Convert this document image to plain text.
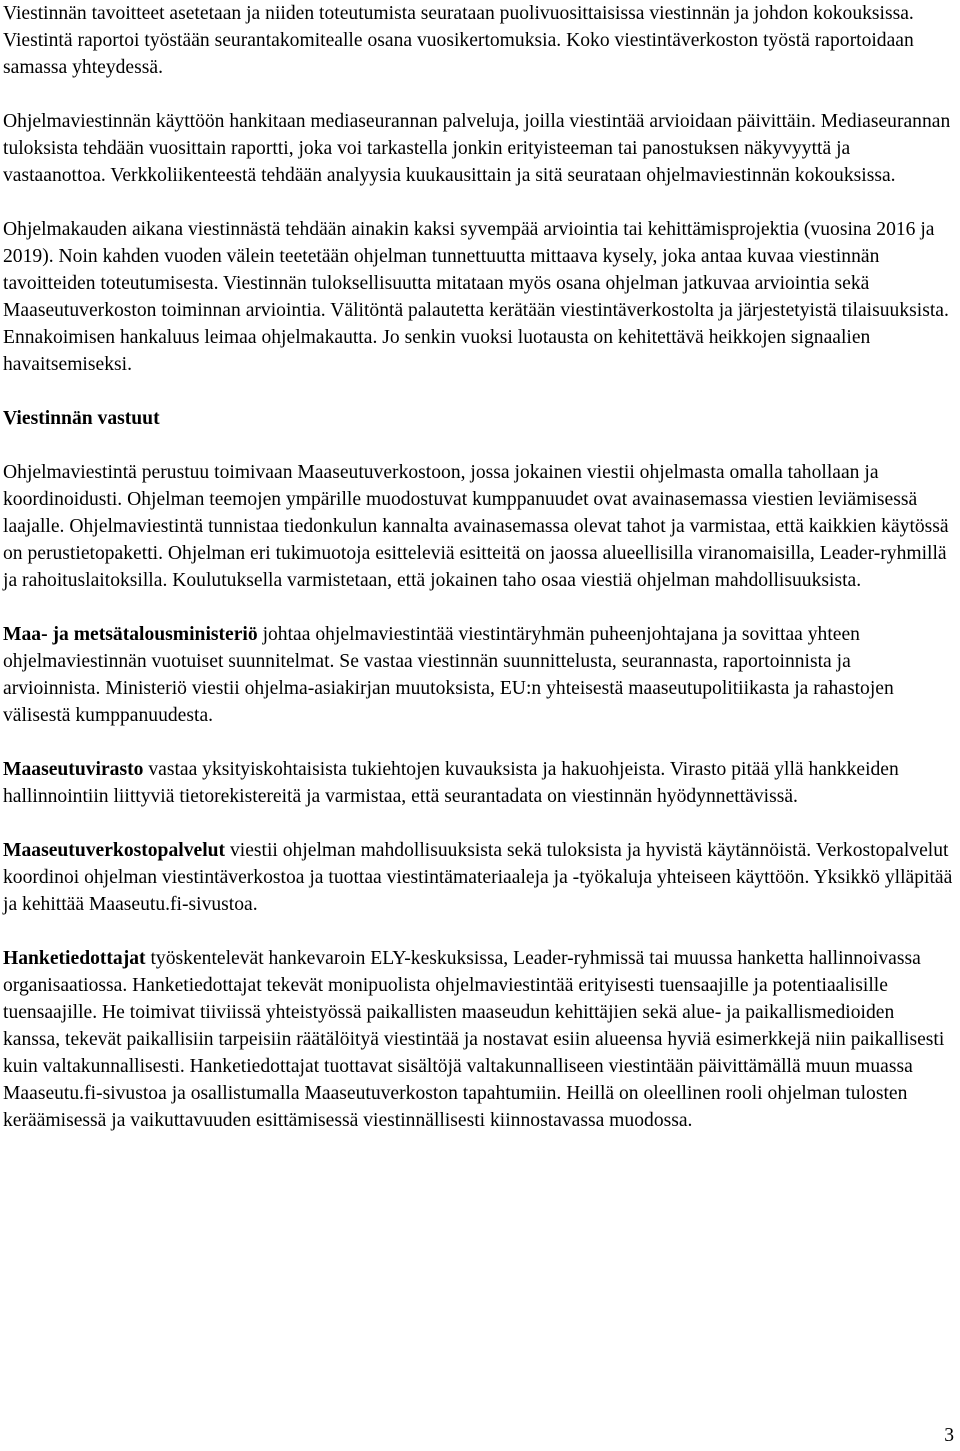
Viestinnän tavoitteet asetetaan ja niiden toteutumista seurataan puolivuosittaisissa viestinnän ja johdon kokouksissa. Viestintä raportoi työstään seurantakomitealle osana vuosikertomuksia. Koko viestintäverkoston työstä raportoidaan samassa yhteydessä.

Ohjelmaviestinnän käyttöön hankitaan mediaseurannan palveluja, joilla viestintää arvioidaan päivittäin. Mediaseurannan tuloksista tehdään vuosittain raportti, joka voi tarkastella jonkin erityisteeman tai panostuksen näkyvyyttä ja vastaanottoa. Verkkoliikenteestä tehdään analyysia kuukausittain ja sitä seurataan ohjelmaviestinnän kokouksissa.

Ohjelmakauden aikana viestinnästä tehdään ainakin kaksi syvempää arviointia tai kehittämisprojektia (vuosina 2016 ja 2019). Noin kahden vuoden välein teetetään ohjelman tunnettuutta mittaava kysely, joka antaa kuvaa viestinnän tavoitteiden toteutumisesta. Viestinnän tuloksellisuutta mitataan myös osana ohjelman jatkuvaa arviointia sekä Maaseutuverkoston toiminnan arviointia. Välitöntä palautetta kerätään viestintäverkostolta ja järjestetyistä tilaisuuksista. Ennakoimisen hankaluus leimaa ohjelmakautta. Jo senkin vuoksi luotausta on kehitettävä heikkojen signaalien havaitsemiseksi.

Viestinnän vastuut

Ohjelmaviestintä perustuu toimivaan Maaseutuverkostoon, jossa jokainen viestii ohjelmasta omalla tahollaan ja koordinoidusti. Ohjelman teemojen ympärille muodostuvat kumppanuudet ovat avainasemassa viestien leviämisessä laajalle. Ohjelmaviestintä tunnistaa tiedonkulun kannalta avainasemassa olevat tahot ja varmistaa, että kaikkien käytössä on perustietopaketti. Ohjelman eri tukimuotoja esitteleviä esitteitä on jaossa alueellisilla viranomaisilla, Leader-ryhmillä ja rahoituslaitoksilla. Koulutuksella varmistetaan, että jokainen taho osaa viestiä ohjelman mahdollisuuksista.

Maa- ja metsätalousministeriö johtaa ohjelmaviestintää viestintäryhmän puheenjohtajana ja sovittaa yhteen ohjelmaviestinnän vuotuiset suunnitelmat. Se vastaa viestinnän suunnittelusta, seurannasta, raportoinnista ja arvioinnista. Ministeriö viestii ohjelma-asiakirjan muutoksista, EU:n yhteisestä maaseutupolitiikasta ja rahastojen välisestä kumppanuudesta.

Maaseutuvirasto vastaa yksityiskohtaisista tukiehtojen kuvauksista ja hakuohjeista. Virasto pitää yllä hankkeiden hallinnointiin liittyviä tietorekistereitä ja varmistaa, että seurantadata on viestinnän hyödynnettävissä.

Maaseutuverkostopalvelut viestii ohjelman mahdollisuuksista sekä tuloksista ja hyvistä käytännöistä. Verkostopalvelut koordinoi ohjelman viestintäverkostoa ja tuottaa viestintämateriaaleja ja -työkaluja yhteiseen käyttöön. Yksikkö ylläpitää ja kehittää Maaseutu.fi-sivustoa.

Hanketiedottajat työskentelevät hankevaroin ELY-keskuksissa, Leader-ryhmissä tai muussa hanketta hallinnoivassa organisaatiossa. Hanketiedottajat tekevät monipuolista ohjelmaviestintää erityisesti tuensaajille ja potentiaalisille tuensaajille. He toimivat tiiviissä yhteistyössä paikallisten maaseudun kehittäjien sekä alue- ja paikallismedioiden kanssa, tekevät paikallisiin tarpeisiin räätälöityä viestintää ja nostavat esiin alueensa hyviä esimerkkejä niin paikallisesti kuin valtakunnallisesti. Hanketiedottajat tuottavat sisältöjä valtakunnalliseen viestintään päivittämällä muun muassa Maaseutu.fi-sivustoa ja osallistumalla Maaseutuverkoston tapahtumiin. Heillä on oleellinen rooli ohjelman tulosten keräämisessä ja vaikuttavuuden esittämisessä viestinnällisesti kiinnostavassa muodossa.

3
